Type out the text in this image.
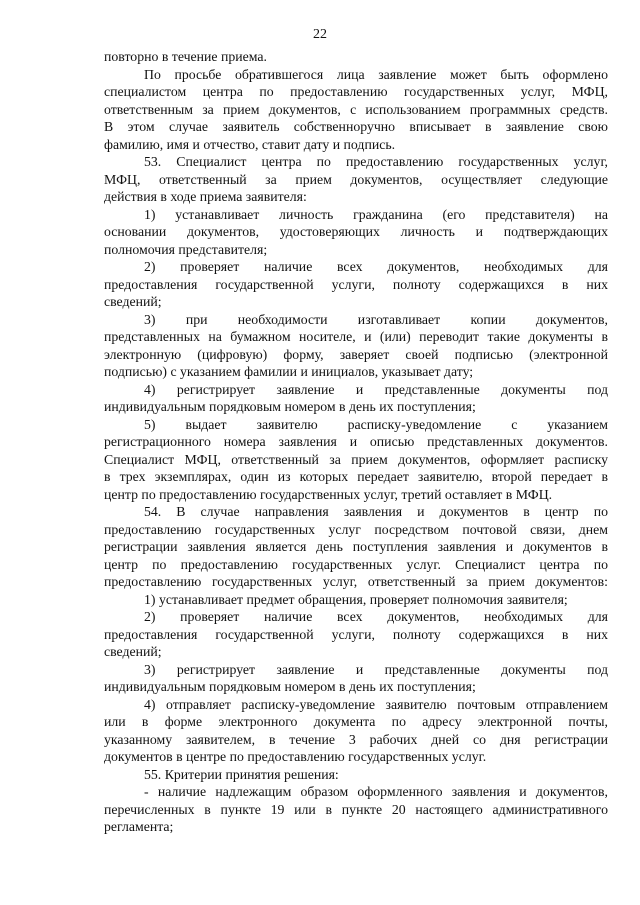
22
повторно в течение приема.
По просьбе обратившегося лица заявление может быть оформлено
специалистом центра по предоставлению государственных услуг, МФЦ,
ответственным за прием документов, с использованием программных средств.
В этом случае заявитель собственноручно вписывает в заявление свою
фамилию, имя и отчество, ставит дату и подпись.
53. Специалист центра по предоставлению государственных услуг,
МФЦ, ответственный за прием документов, осуществляет следующие
действия в ходе приема заявителя:
1) устанавливает личность гражданина (его представителя) на
основании документов, удостоверяющих личность и подтверждающих
полномочия представителя;
2) проверяет наличие всех документов, необходимых для
предоставления государственной услуги, полноту содержащихся в них
сведений;
3) при необходимости изготавливает копии документов,
представленных на бумажном носителе, и (или) переводит такие документы в
электронную (цифровую) форму, заверяет своей подписью (электронной
подписью) с указанием фамилии и инициалов, указывает дату;
4) регистрирует заявление и представленные документы под
индивидуальным порядковым номером в день их поступления;
5) выдает заявителю расписку-уведомление с указанием
регистрационного номера заявления и описью представленных документов.
Специалист МФЦ, ответственный за прием документов, оформляет расписку
в трех экземплярах, один из которых передает заявителю, второй передает в
центр по предоставлению государственных услуг, третий оставляет в МФЦ.
54. В случае направления заявления и документов в центр по
предоставлению государственных услуг посредством почтовой связи, днем
регистрации заявления является день поступления заявления и документов в
центр по предоставлению государственных услуг. Специалист центра по
предоставлению государственных услуг, ответственный за прием документов:
1) устанавливает предмет обращения, проверяет полномочия заявителя;
2) проверяет наличие всех документов, необходимых для
предоставления государственной услуги, полноту содержащихся в них
сведений;
3) регистрирует заявление и представленные документы под
индивидуальным порядковым номером в день их поступления;
4) отправляет расписку-уведомление заявителю почтовым отправлением
или в форме электронного документа по адресу электронной почты,
указанному заявителем, в течение 3 рабочих дней со дня регистрации
документов в центре по предоставлению государственных услуг.
55. Критерии принятия решения:
- наличие надлежащим образом оформленного заявления и документов,
перечисленных в пункте 19 или в пункте 20 настоящего административного
регламента;
